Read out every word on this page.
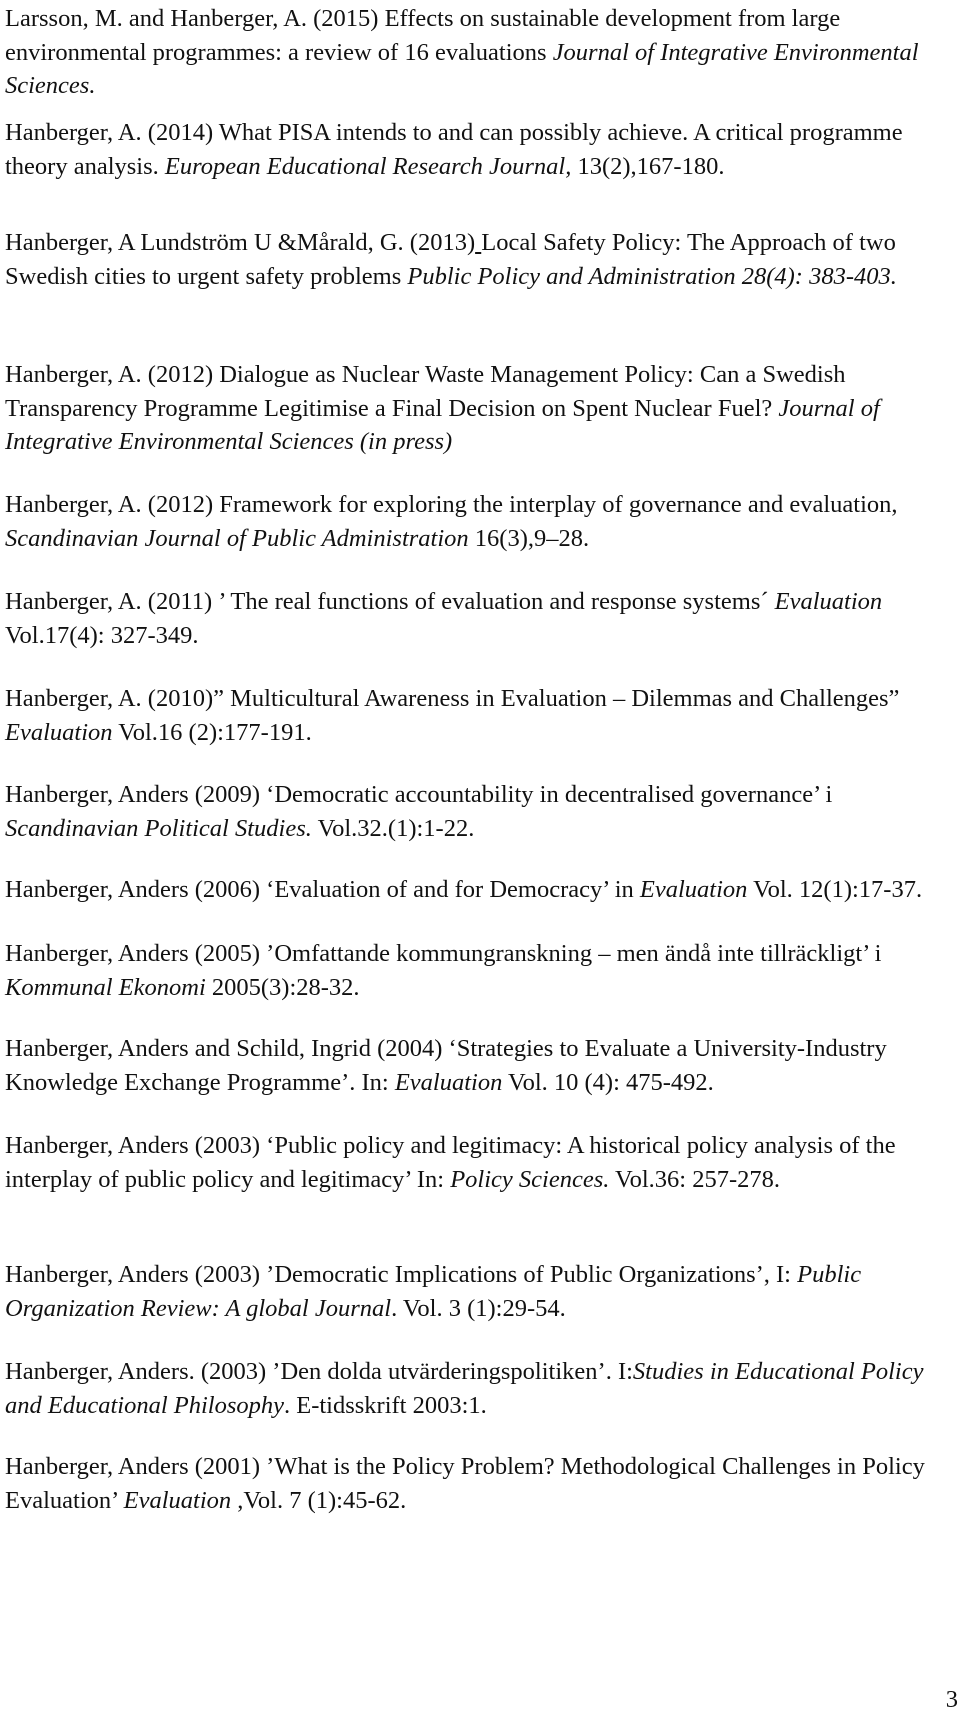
Larsson, M. and Hanberger, A. (2015) Effects on sustainable development from large environmental programmes: a review of 16 evaluations Journal of Integrative Environmental Sciences.

Hanberger, A. (2014) What PISA intends to and can possibly achieve. A critical programme theory analysis. European Educational Research Journal, 13(2),167-180.

Hanberger, A Lundström U &Mårald, G. (2013) Local Safety Policy: The Approach of two Swedish cities to urgent safety problems Public Policy and Administration 28(4): 383-403.

Hanberger, A. (2012) Dialogue as Nuclear Waste Management Policy: Can a Swedish Transparency Programme Legitimise a Final Decision on Spent Nuclear Fuel? Journal of Integrative Environmental Sciences (in press)

Hanberger, A. (2012) Framework for exploring the interplay of governance and evaluation, Scandinavian Journal of Public Administration 16(3),9–28.

Hanberger, A. (2011) ’ The real functions of evaluation and response systems´ Evaluation Vol.17(4): 327-349.

Hanberger, A. (2010)” Multicultural Awareness in Evaluation – Dilemmas and Challenges” Evaluation Vol.16 (2):177-191.

Hanberger, Anders (2009) ‘Democratic accountability in decentralised governance’ i Scandinavian Political Studies. Vol.32.(1):1-22.

Hanberger, Anders (2006) ‘Evaluation of and for Democracy’ in Evaluation Vol. 12(1):17-37.

Hanberger, Anders (2005) ’Omfattande kommungranskning – men ändå inte tillräckligt’ i Kommunal Ekonomi 2005(3):28-32.

Hanberger, Anders and Schild, Ingrid (2004) ‘Strategies to Evaluate a University-Industry Knowledge Exchange Programme’. In: Evaluation Vol. 10 (4): 475-492.

Hanberger, Anders (2003) ‘Public policy and legitimacy: A historical policy analysis of the interplay of public policy and legitimacy’ In: Policy Sciences. Vol.36: 257-278.

Hanberger, Anders (2003) ’Democratic Implications of Public Organizations’, I: Public Organization Review: A global Journal. Vol. 3 (1):29-54.

Hanberger, Anders. (2003) ’Den dolda utvärderingspolitiken’. I:Studies in Educational Policy and Educational Philosophy. E-tidsskrift 2003:1.

Hanberger, Anders (2001) ’What is the Policy Problem? Methodological Challenges in Policy Evaluation’ Evaluation ,Vol. 7 (1):45-62.

3
